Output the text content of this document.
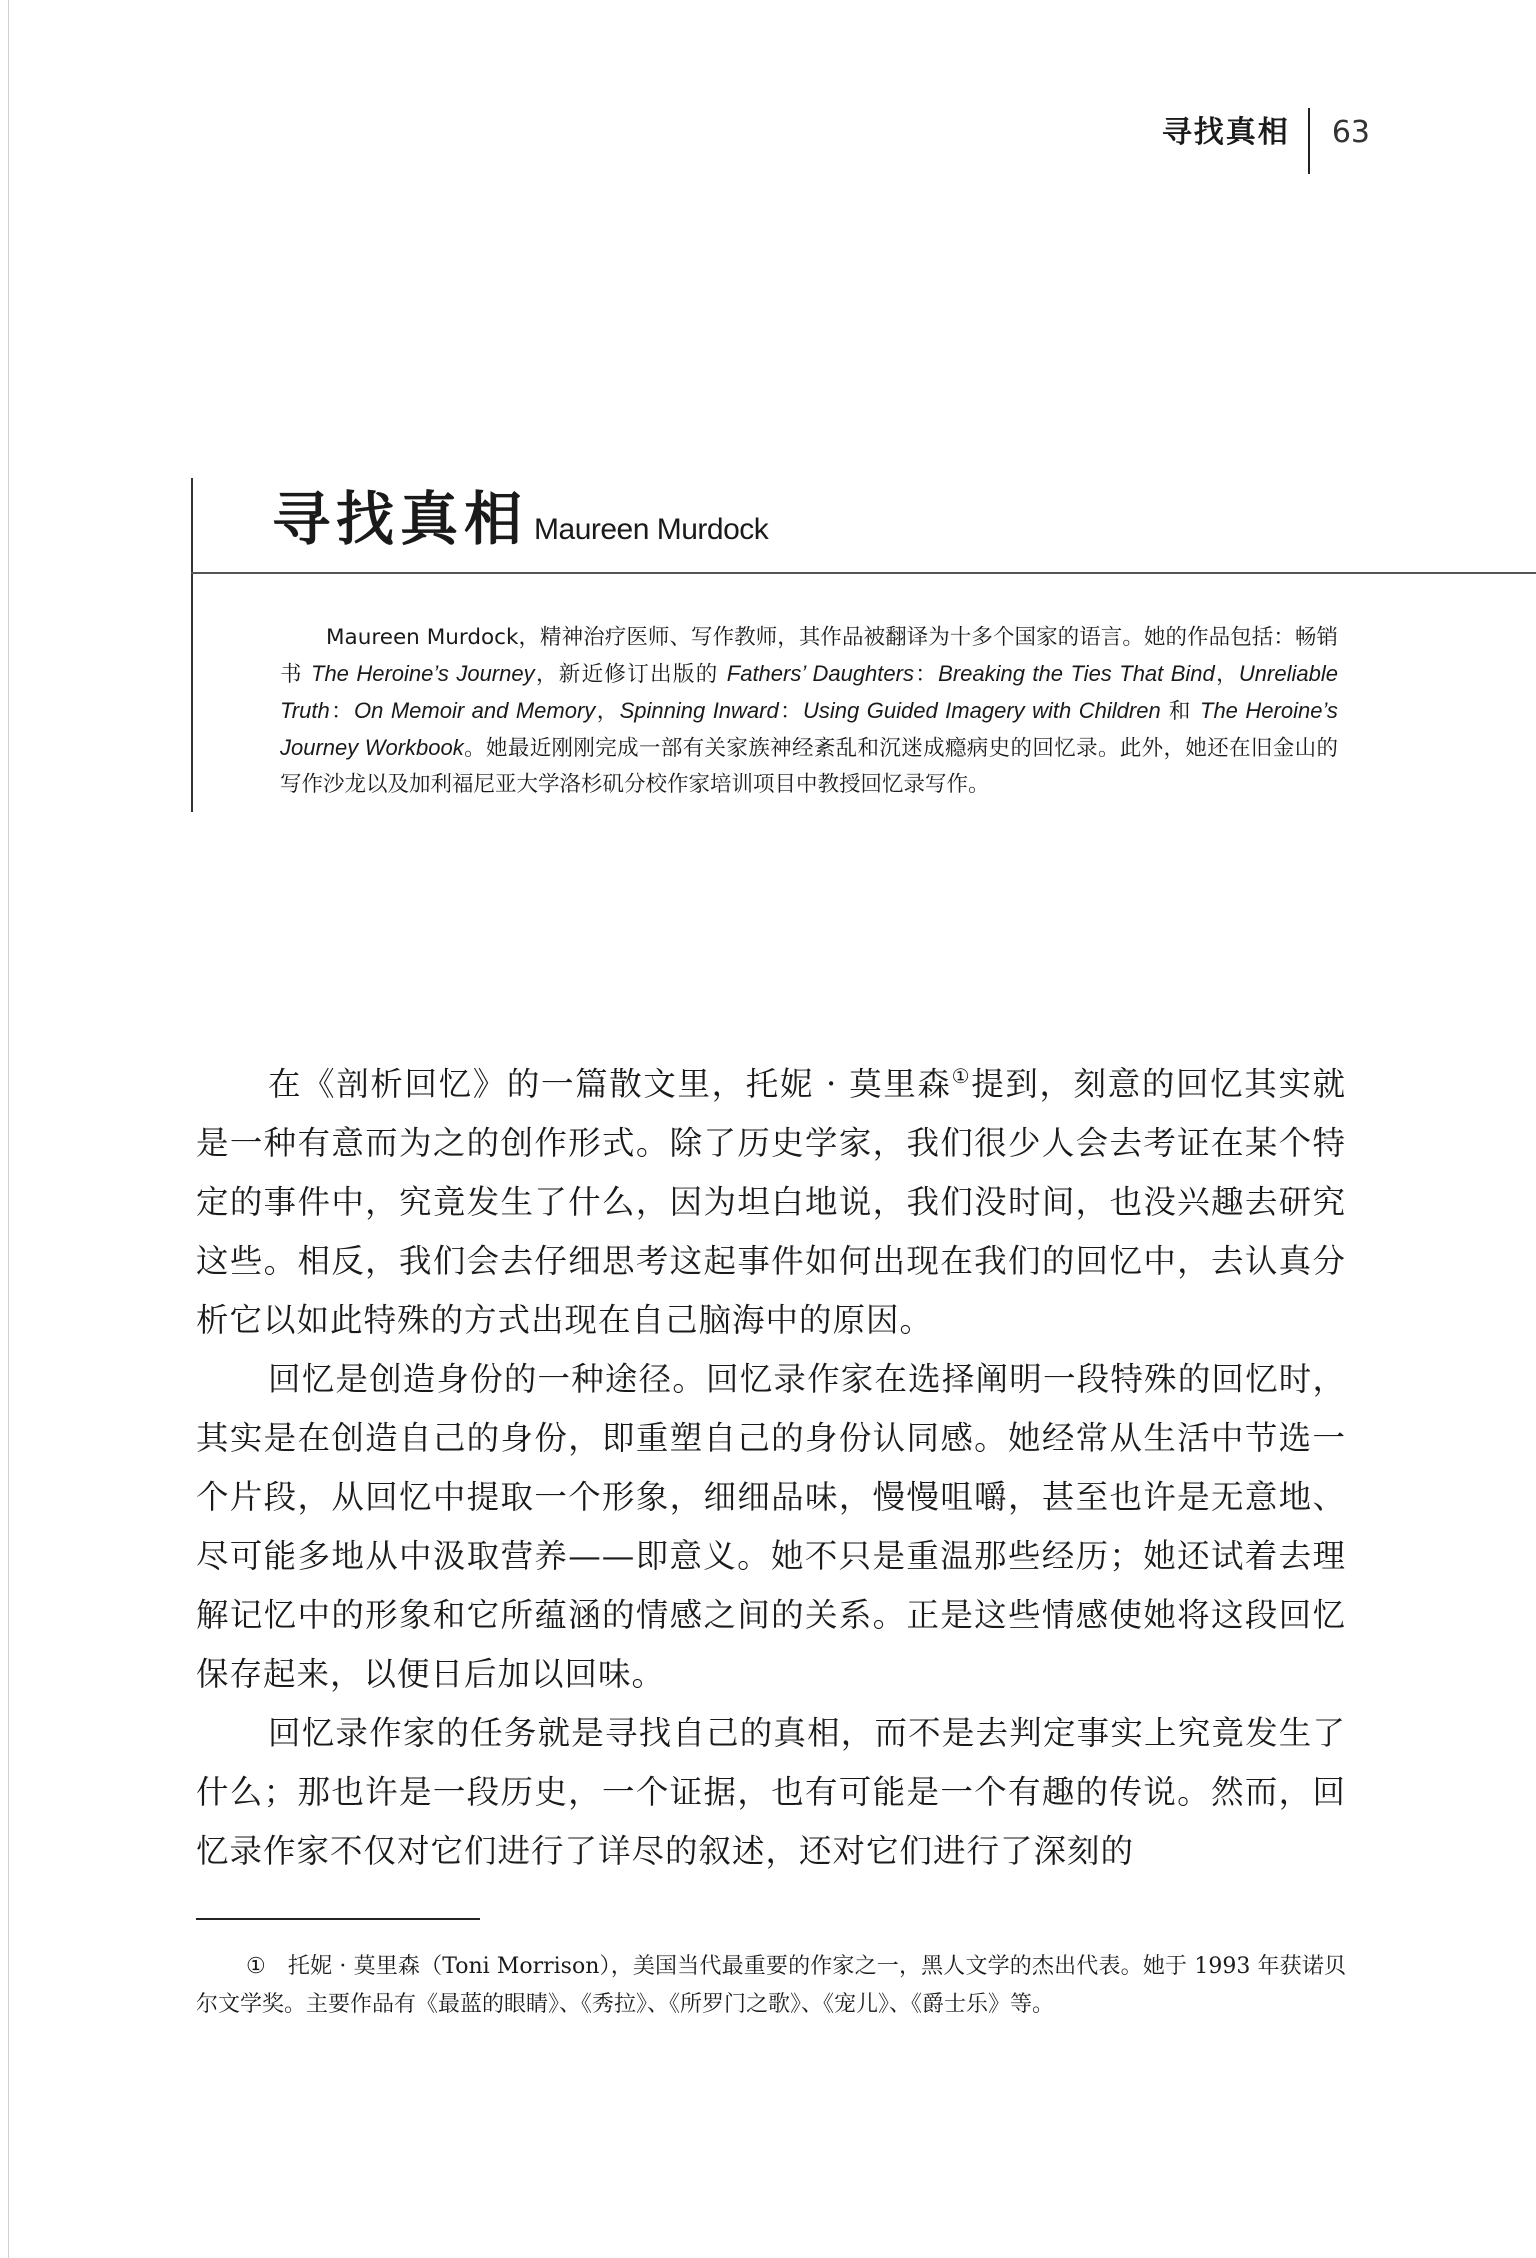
寻找真相	63
寻找真相 Maureen Murdock

Maureen Murdock，精神治疗医师、写作教师，其作品被翻译为十多个国家的语言。她的作品包括：畅销书 The Heroine’s Journey，新近修订出版的 Fathers’ Daughters：Breaking the Ties That Bind，Unreliable Truth：On Memoir and Memory，Spinning Inward：Using Guided Imagery with Children 和 The Heroine’s Journey Workbook。她最近刚刚完成一部有关家族神经紊乱和沉迷成瘾病史的回忆录。此外，她还在旧金山的写作沙龙以及加利福尼亚大学洛杉矶分校作家培训项目中教授回忆录写作。

在《剖析回忆》的一篇散文里，托妮 · 莫里森①提到，刻意的回忆其实就是一种有意而为之的创作形式。除了历史学家，我们很少人会去考证在某个特定的事件中，究竟发生了什么，因为坦白地说，我们没时间，也没兴趣去研究这些。相反，我们会去仔细思考这起事件如何出现在我们的回忆中，去认真分析它以如此特殊的方式出现在自己脑海中的原因。

回忆是创造身份的一种途径。回忆录作家在选择阐明一段特殊的回忆时，其实是在创造自己的身份，即重塑自己的身份认同感。她经常从生活中节选一个片段，从回忆中提取一个形象，细细品味，慢慢咀嚼，甚至也许是无意地、尽可能多地从中汲取营养——即意义。她不只是重温那些经历；她还试着去理解记忆中的形象和它所蕴涵的情感之间的关系。正是这些情感使她将这段回忆保存起来，以便日后加以回味。

回忆录作家的任务就是寻找自己的真相，而不是去判定事实上究竟发生了什么；那也许是一段历史，一个证据，也有可能是一个有趣的传说。然而，回忆录作家不仅对它们进行了详尽的叙述，还对它们进行了深刻的

① 托妮 · 莫里森（Toni Morrison），美国当代最重要的作家之一，黑人文学的杰出代表。她于 1993 年获诺贝尔文学奖。主要作品有《最蓝的眼睛》、《秀拉》、《所罗门之歌》、《宠儿》、《爵士乐》等。
